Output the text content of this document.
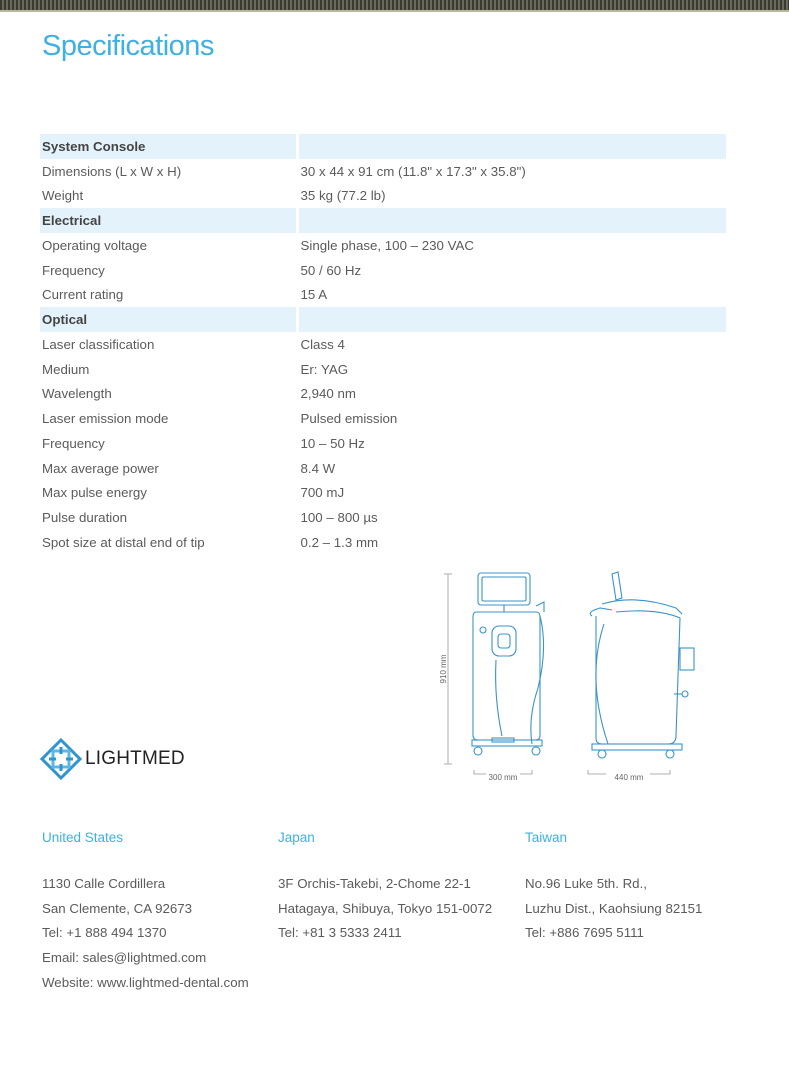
Specifications
System Console	
Dimensions (L x W x H)	30 x 44 x 91 cm (11.8" x 17.3" x 35.8")
Weight	35 kg (77.2 lb)
Electrical	
Operating voltage	Single phase, 100 – 230 VAC
Frequency	50 / 60 Hz
Current rating	15 A
Optical	
Laser classification	Class 4
Medium	Er: YAG
Wavelength	2,940 nm
Laser emission mode	Pulsed emission
Frequency	10 – 50 Hz
Max average power	8.4 W
Max pulse energy	700 mJ
Pulse duration	100 – 800 µs
Spot size at distal end of tip	0.2 – 1.3 mm
910 mm
300 mm	440 mm
LIGHTMED
United States
1130 Calle Cordillera
San Clemente, CA 92673
Tel: +1 888 494 1370
Email: sales@lightmed.com
Website: www.lightmed-dental.com
Japan
3F Orchis-Takebi, 2-Chome 22-1
Hatagaya, Shibuya, Tokyo 151-0072
Tel: +81 3 5333 2411
Taiwan
No.96 Luke 5th. Rd.,
Luzhu Dist., Kaohsiung 82151
Tel: +886 7695 5111
